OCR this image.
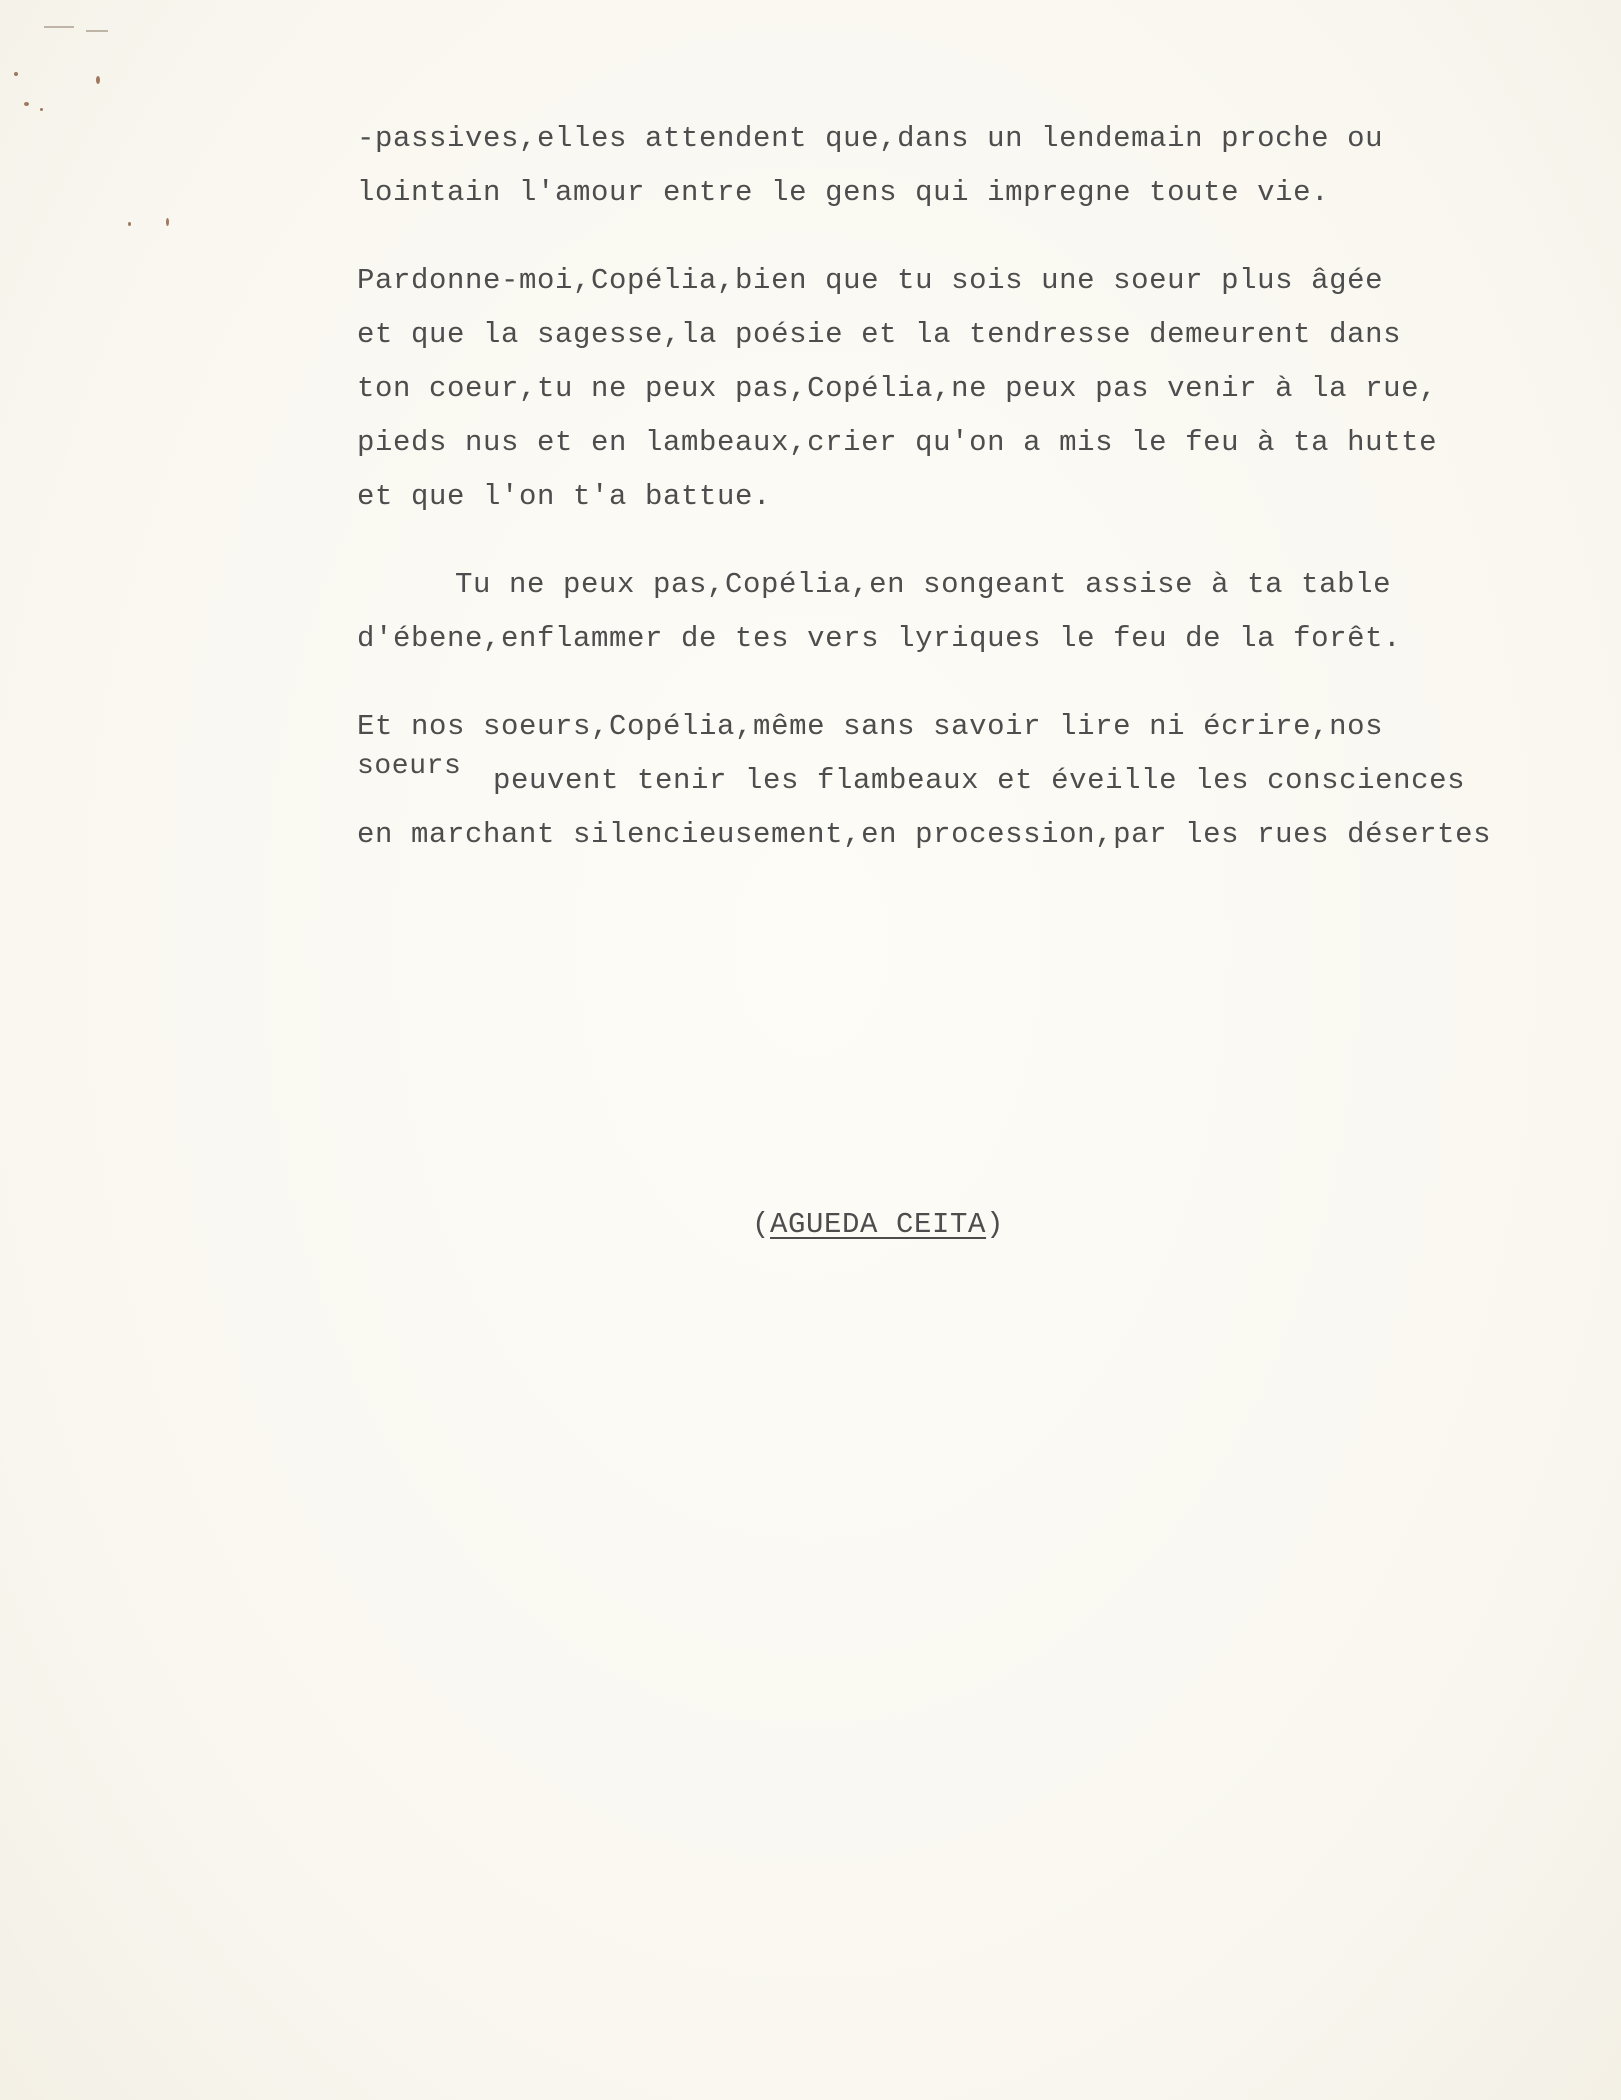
-passives,elles attendent que,dans un lendemain proche ou
lointain l'amour entre le gens qui impregne toute vie.
Pardonne-moi,Copélia,bien que tu sois une soeur plus âgée
et que la sagesse,la poésie et la tendresse demeurent dans
ton coeur,tu ne peux pas,Copélia,ne peux pas venir à la rue,
pieds nus et en lambeaux,crier qu'on a mis le feu à ta hutte
et que l'on t'a battue.
Tu ne peux pas,Copélia,en songeant assise à ta table
d'ébene,enflammer de tes vers lyriques le feu de la forêt.
Et nos soeurs,Copélia,même sans savoir lire ni écrire,nos
soeurs peuvent tenir les flambeaux et éveille les consciences
en marchant silencieusement,en procession,par les rues désertes
(AGUEDA CEITA)
